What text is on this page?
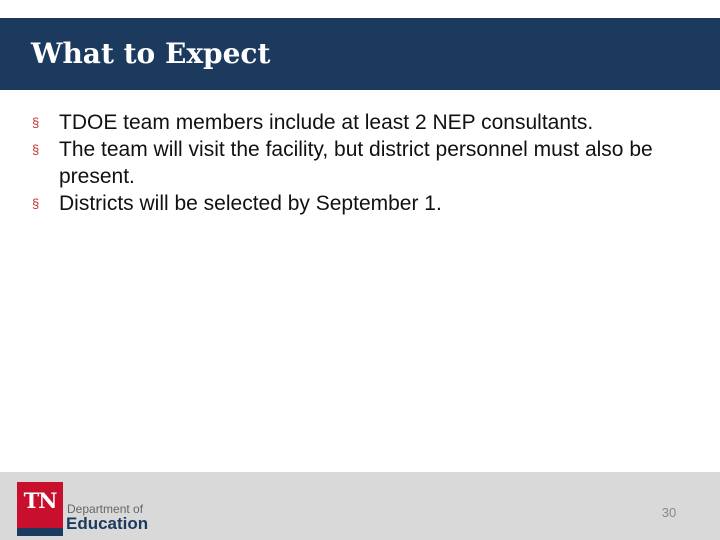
What to Expect
§ TDOE team members include at least 2 NEP consultants.
§ The team will visit the facility, but district personnel must also be present.
§ Districts will be selected by September 1.
TN Department of
Education
30
